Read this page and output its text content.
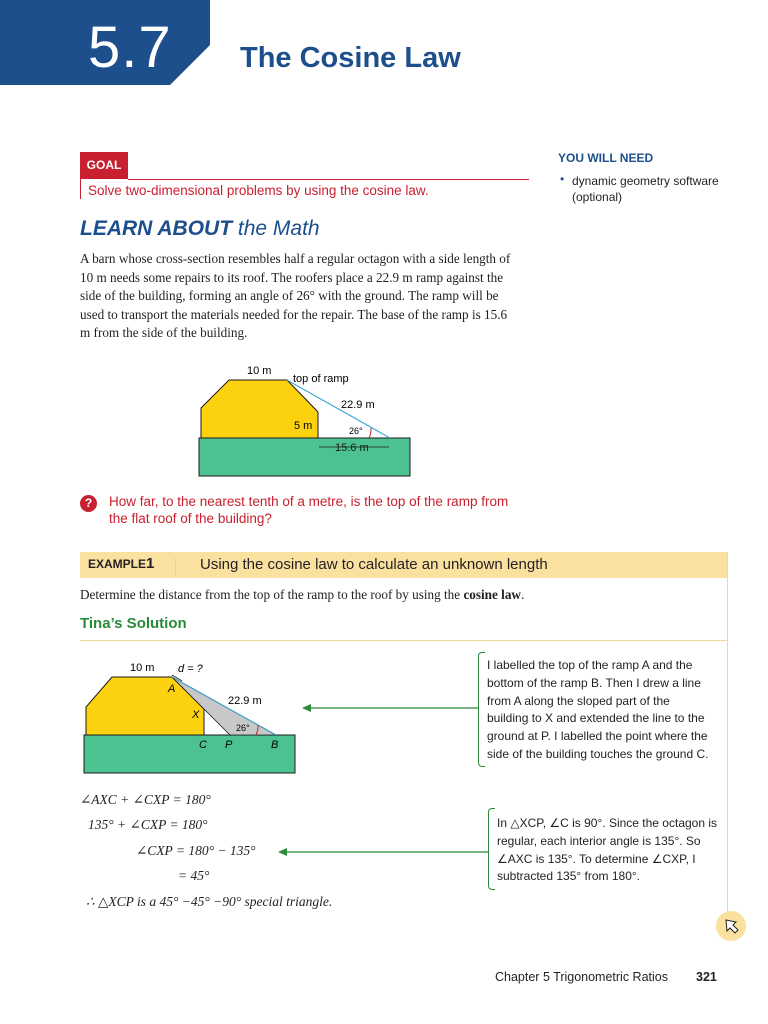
5.7 The Cosine Law
GOAL
Solve two-dimensional problems by using the cosine law.
YOU WILL NEED
• dynamic geometry software (optional)
LEARN ABOUT the Math
A barn whose cross-section resembles half a regular octagon with a side length of 10 m needs some repairs to its roof. The roofers place a 22.9 m ramp against the side of the building, forming an angle of 26° with the ground. The ramp will be used to transport the materials needed for the repair. The base of the ramp is 15.6 m from the side of the building.
10 m
top of ramp
22.9 m
5 m	26°
15.6 m
?	How far, to the nearest tenth of a metre, is the top of the ramp from the flat roof of the building?
EXAMPLE 1	Using the cosine law to calculate an unknown length
Determine the distance from the top of the ramp to the roof by using the cosine law.
Tina’s Solution
10 m d = ?
A
X
22.9 m
26°
C P	B
I labelled the top of the ramp A and the bottom of the ramp B. Then I drew a line from A along the sloped part of the building to X and extended the line to the ground at P. I labelled the point where the side of the building touches the ground C.
∠AXC + ∠CXP = 180°
135° + ∠CXP = 180°
∠CXP = 180° − 135°
= 45°
∴ △XCP is a 45° −45° −90° special triangle.
In △XCP, ∠C is 90°. Since the octagon is regular, each interior angle is 135°. So ∠AXC is 135°. To determine ∠CXP, I subtracted 135° from 180°.
Chapter 5 Trigonometric Ratios 321
